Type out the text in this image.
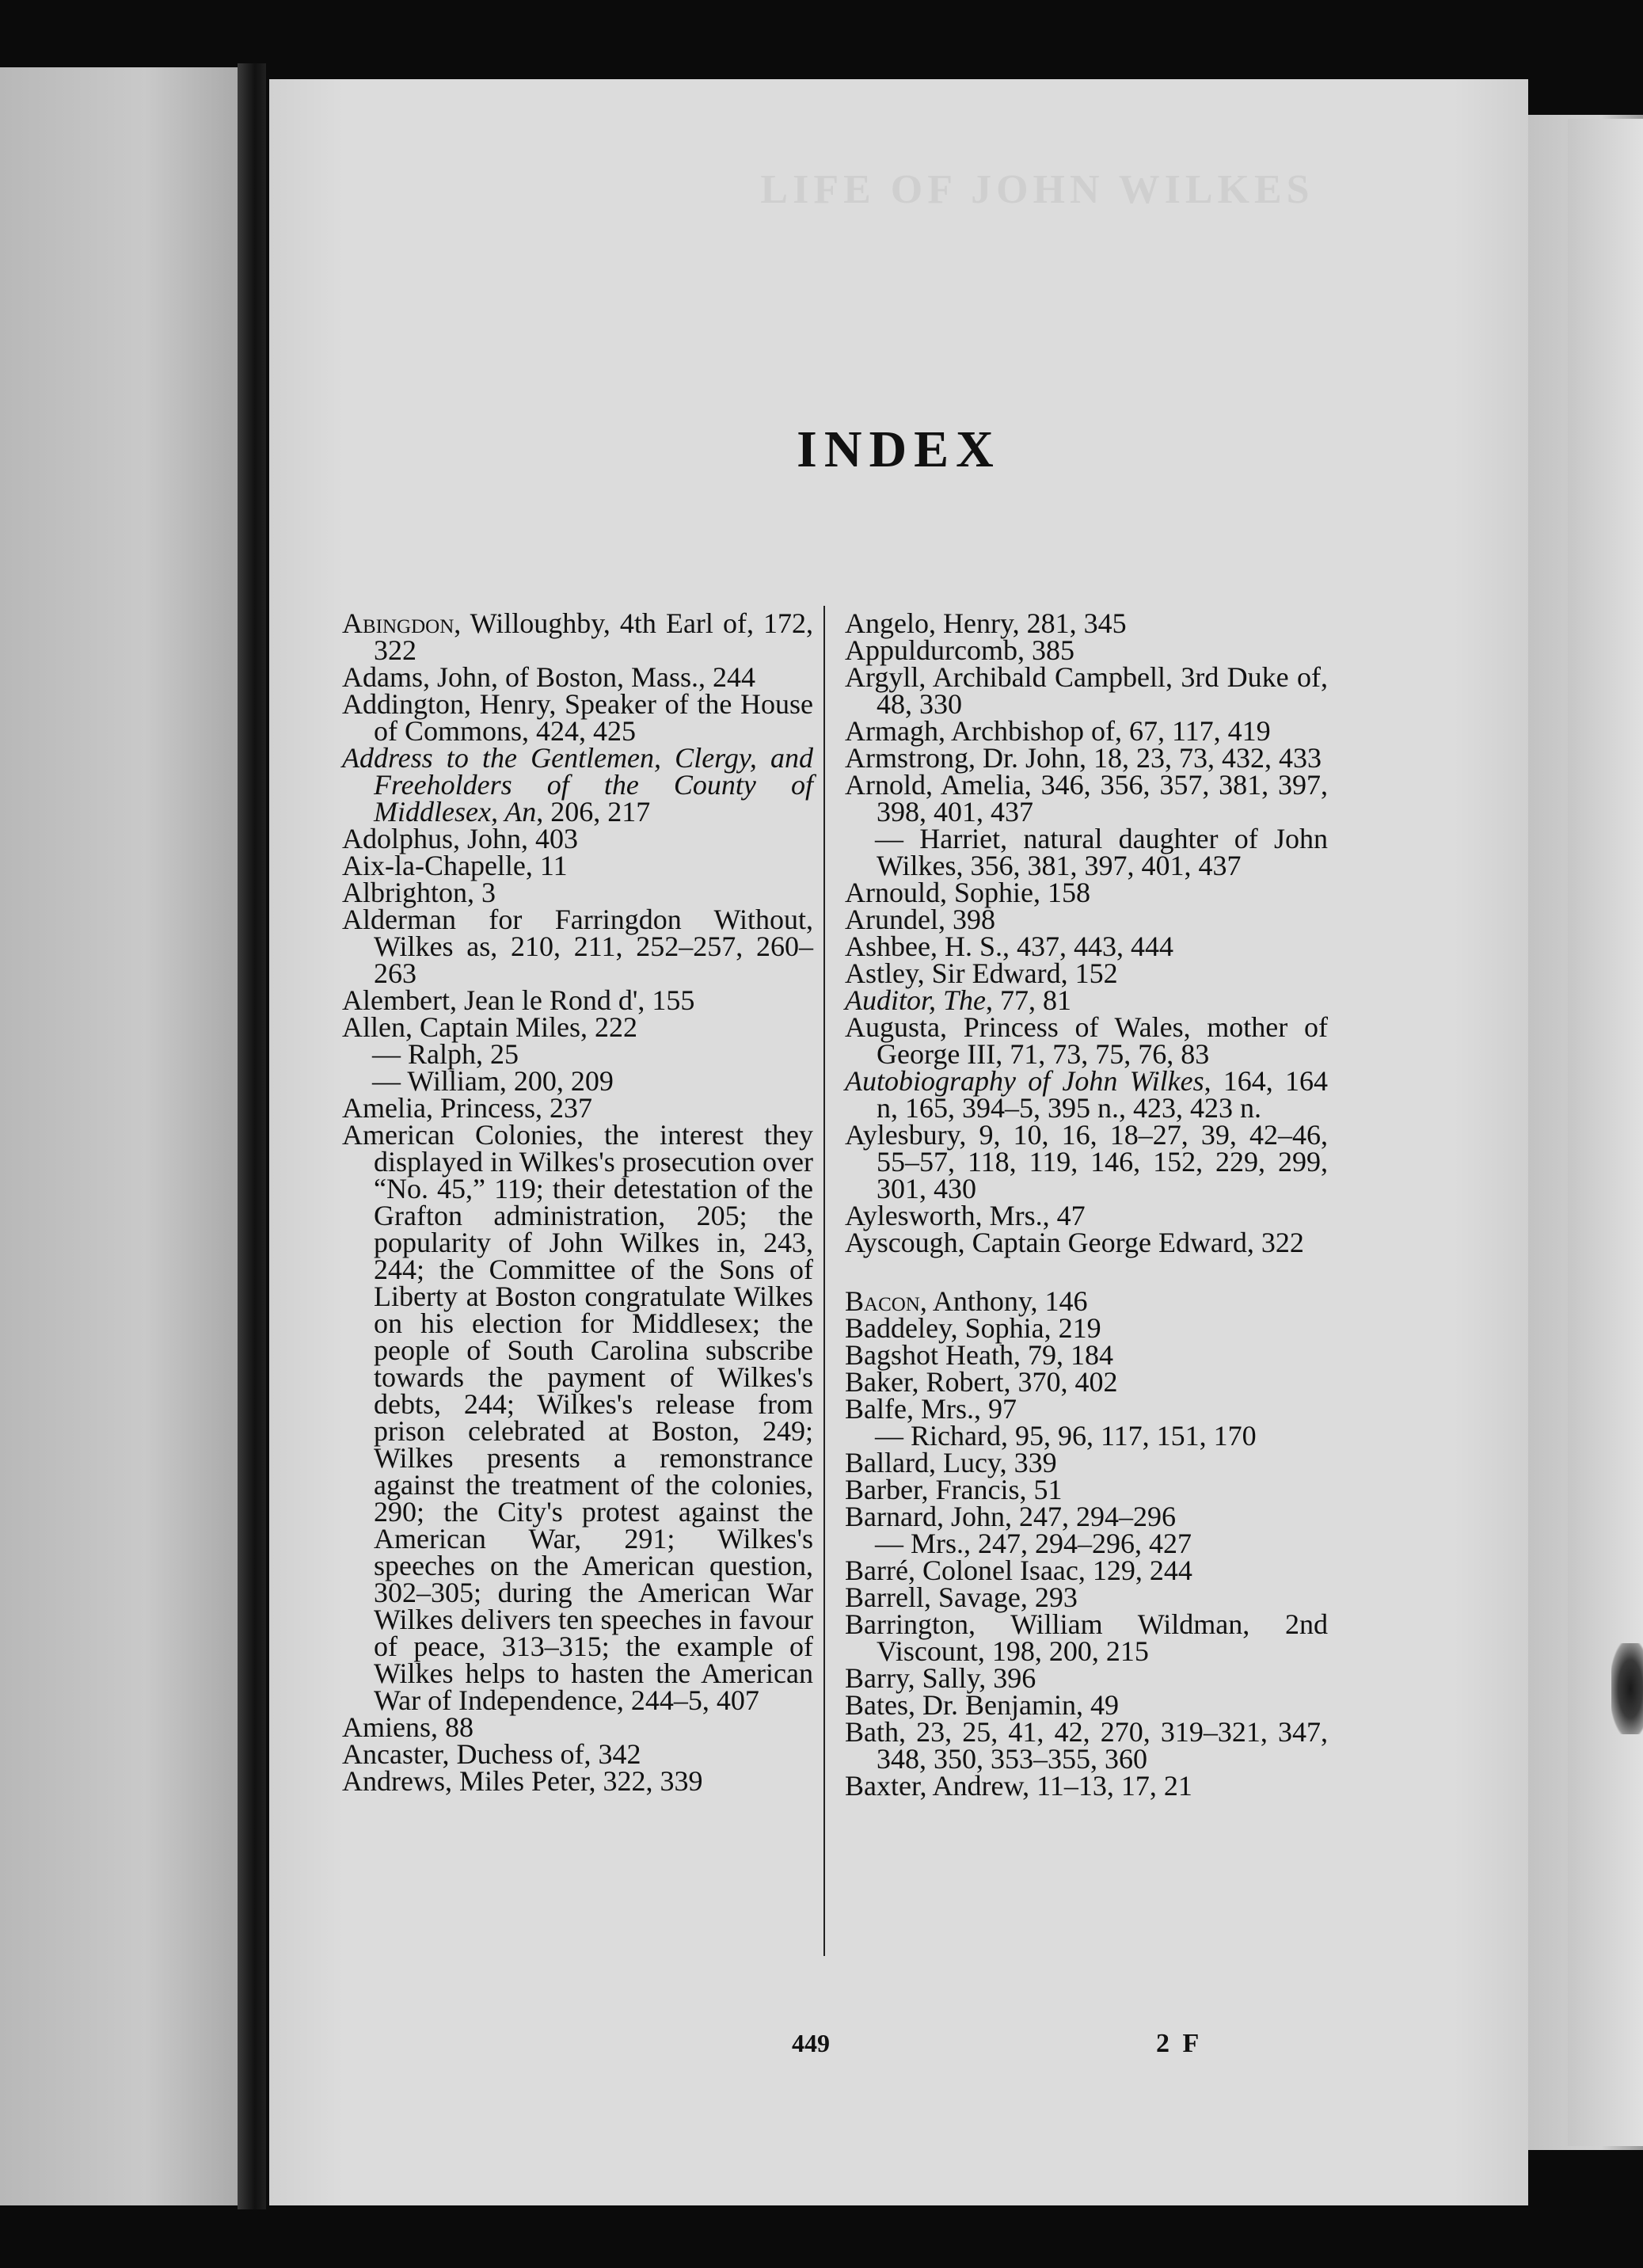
LIFE OF JOHN WILKES
INDEX
Abingdon, Willoughby, 4th Earl of, 172, 322
Adams, John, of Boston, Mass., 244
Addington, Henry, Speaker of the House of Commons, 424, 425
Address to the Gentlemen, Clergy, and Freeholders of the County of Middlesex, An, 206, 217
Adolphus, John, 403
Aix-la-Chapelle, 11
Albrighton, 3
Alderman for Farringdon Without, Wilkes as, 210, 211, 252–257, 260–263
Alembert, Jean le Rond d', 155
Allen, Captain Miles, 222
— Ralph, 25
— William, 200, 209
Amelia, Princess, 237
American Colonies, the interest they displayed in Wilkes's prosecution over “No. 45,” 119; their detestation of the Grafton administration, 205; the popularity of John Wilkes in, 243, 244; the Committee of the Sons of Liberty at Boston congratulate Wilkes on his election for Middlesex; the people of South Carolina subscribe towards the payment of Wilkes's debts, 244; Wilkes's release from prison celebrated at Boston, 249; Wilkes presents a remonstrance against the treatment of the colonies, 290; the City's protest against the American War, 291; Wilkes's speeches on the American question, 302–305; during the American War Wilkes delivers ten speeches in favour of peace, 313–315; the example of Wilkes helps to hasten the American War of Independence, 244–5, 407
Amiens, 88
Ancaster, Duchess of, 342
Andrews, Miles Peter, 322, 339
Angelo, Henry, 281, 345
Appuldurcomb, 385
Argyll, Archibald Campbell, 3rd Duke of, 48, 330
Armagh, Archbishop of, 67, 117, 419
Armstrong, Dr. John, 18, 23, 73, 432, 433
Arnold, Amelia, 346, 356, 357, 381, 397, 398, 401, 437
— Harriet, natural daughter of John Wilkes, 356, 381, 397, 401, 437
Arnould, Sophie, 158
Arundel, 398
Ashbee, H. S., 437, 443, 444
Astley, Sir Edward, 152
Auditor, The, 77, 81
Augusta, Princess of Wales, mother of George III, 71, 73, 75, 76, 83
Autobiography of John Wilkes, 164, 164 n, 165, 394–5, 395 n., 423, 423 n.
Aylesbury, 9, 10, 16, 18–27, 39, 42–46, 55–57, 118, 119, 146, 152, 229, 299, 301, 430
Aylesworth, Mrs., 47
Ayscough, Captain George Edward, 322
Bacon, Anthony, 146
Baddeley, Sophia, 219
Bagshot Heath, 79, 184
Baker, Robert, 370, 402
Balfe, Mrs., 97
— Richard, 95, 96, 117, 151, 170
Ballard, Lucy, 339
Barber, Francis, 51
Barnard, John, 247, 294–296
— Mrs., 247, 294–296, 427
Barré, Colonel Isaac, 129, 244
Barrell, Savage, 293
Barrington, William Wildman, 2nd Viscount, 198, 200, 215
Barry, Sally, 396
Bates, Dr. Benjamin, 49
Bath, 23, 25, 41, 42, 270, 319–321, 347, 348, 350, 353–355, 360
Baxter, Andrew, 11–13, 17, 21
449	2 F
